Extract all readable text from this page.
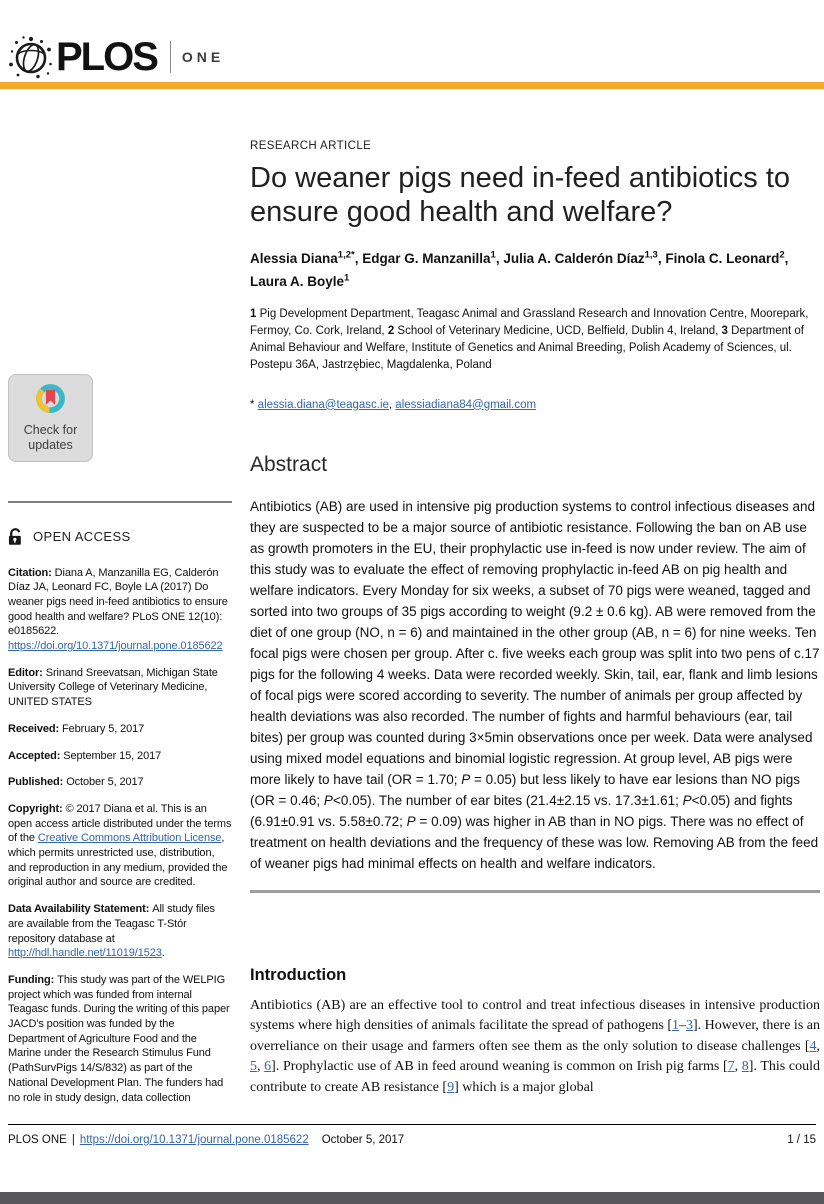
PLOS ONE
Check for
updates
OPEN ACCESS

Citation: Diana A, Manzanilla EG, Calderón Díaz JA, Leonard FC, Boyle LA (2017) Do weaner pigs need in-feed antibiotics to ensure good health and welfare? PLoS ONE 12(10): e0185622. https://doi.org/10.1371/journal.pone.0185622

Editor: Srinand Sreevatsan, Michigan State University College of Veterinary Medicine, UNITED STATES

Received: February 5, 2017

Accepted: September 15, 2017

Published: October 5, 2017

Copyright: © 2017 Diana et al. This is an open access article distributed under the terms of the Creative Commons Attribution License, which permits unrestricted use, distribution, and reproduction in any medium, provided the original author and source are credited.

Data Availability Statement: All study files are available from the Teagasc T-Stór repository database at http://hdl.handle.net/11019/1523.

Funding: This study was part of the WELPIG project which was funded from internal Teagasc funds. During the writing of this paper JACD's position was funded by the Department of Agriculture Food and the Marine under the Research Stimulus Fund (PathSurvPigs 14/S/832) as part of the National Development Plan. The funders had no role in study design, data collection

RESEARCH ARTICLE
Do weaner pigs need in-feed antibiotics to ensure good health and welfare?

Alessia Diana$^{1,2*}$, Edgar G. Manzanilla$^1$, Julia A. Calderón Díaz$^{1,3}$, Finola C. Leonard$^2$, Laura A. Boyle$^1$

1 Pig Development Department, Teagasc Animal and Grassland Research and Innovation Centre, Moorepark, Fermoy, Co. Cork, Ireland, 2 School of Veterinary Medicine, UCD, Belfield, Dublin 4, Ireland, 3 Department of Animal Behaviour and Welfare, Institute of Genetics and Animal Breeding, Polish Academy of Sciences, ul. Postepu 36A, Jastrzębiec, Magdalenka, Poland

* alessia.diana@teagasc.ie, alessiadiana84@gmail.com

Abstract

Antibiotics (AB) are used in intensive pig production systems to control infectious diseases and they are suspected to be a major source of antibiotic resistance. Following the ban on AB use as growth promoters in the EU, their prophylactic use in-feed is now under review. The aim of this study was to evaluate the effect of removing prophylactic in-feed AB on pig health and welfare indicators. Every Monday for six weeks, a subset of 70 pigs were weaned, tagged and sorted into two groups of 35 pigs according to weight (9.2 ± 0.6 kg). AB were removed from the diet of one group (NO, n = 6) and maintained in the other group (AB, n = 6) for nine weeks. Ten focal pigs were chosen per group. After c. five weeks each group was split into two pens of c.17 pigs for the following 4 weeks. Data were recorded weekly. Skin, tail, ear, flank and limb lesions of focal pigs were scored according to severity. The number of animals per group affected by health deviations was also recorded. The number of fights and harmful behaviours (ear, tail bites) per group was counted during 3×5min observations once per week. Data were analysed using mixed model equations and binomial logistic regression. At group level, AB pigs were more likely to have tail (OR = 1.70; P = 0.05) but less likely to have ear lesions than NO pigs (OR = 0.46; P<0.05). The number of ear bites (21.4±2.15 vs. 17.3±1.61; P<0.05) and fights (6.91±0.91 vs. 5.58±0.72; P = 0.09) was higher in AB than in NO pigs. There was no effect of treatment on health deviations and the frequency of these was low. Removing AB from the feed of weaner pigs had minimal effects on health and welfare indicators.

Introduction

Antibiotics (AB) are an effective tool to control and treat infectious diseases in intensive production systems where high densities of animals facilitate the spread of pathogens [1–3]. However, there is an overreliance on their usage and farmers often see them as the only solution to disease challenges [4, 5, 6]. Prophylactic use of AB in feed around weaning is common on Irish pig farms [7, 8]. This could contribute to create AB resistance [9] which is a major global

PLOS ONE | https://doi.org/10.1371/journal.pone.0185622 October 5, 2017	1 / 15
